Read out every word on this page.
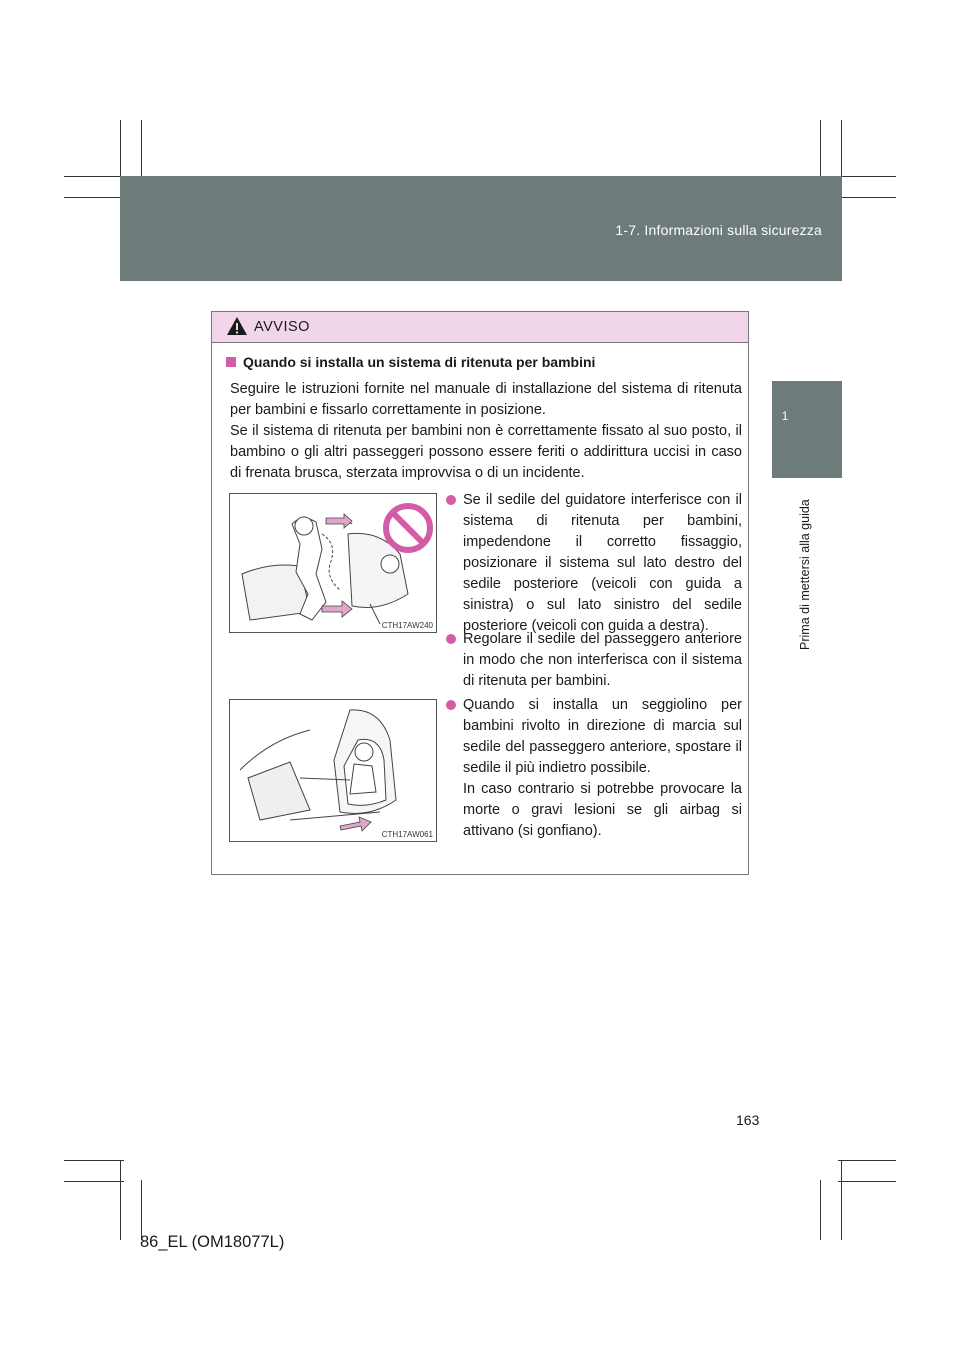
1-7. Informazioni sulla sicurezza
1
Prima di mettersi alla guida
AVVISO
Quando si installa un sistema di ritenuta per bambini
Seguire le istruzioni fornite nel manuale di installazione del sistema di ritenuta per bambini e fissarlo correttamente in posizione.
Se il sistema di ritenuta per bambini non è correttamente fissato al suo posto, il bambino o gli altri passeggeri possono essere feriti o addirittura uccisi in caso di frenata brusca, sterzata improvvisa o di un incidente.
CTH17AW240
CTH17AW061
Se il sedile del guidatore interferisce con il sistema di ritenuta per bambini, impedendone il corretto fissaggio, posizionare il sistema sul lato destro del sedile posteriore (veicoli con guida a sinistra) o sul lato sinistro del sedile posteriore (veicoli con guida a destra).
Regolare il sedile del passeggero anteriore in modo che non interferisca con il sistema di ritenuta per bambini.
Quando si installa un seggiolino per bambini rivolto in direzione di marcia sul sedile del passeggero anteriore, spostare il sedile il più indietro possibile.
In caso contrario si potrebbe provocare la morte o gravi lesioni se gli airbag si attivano (si gonfiano).
163
86_EL (OM18077L)
